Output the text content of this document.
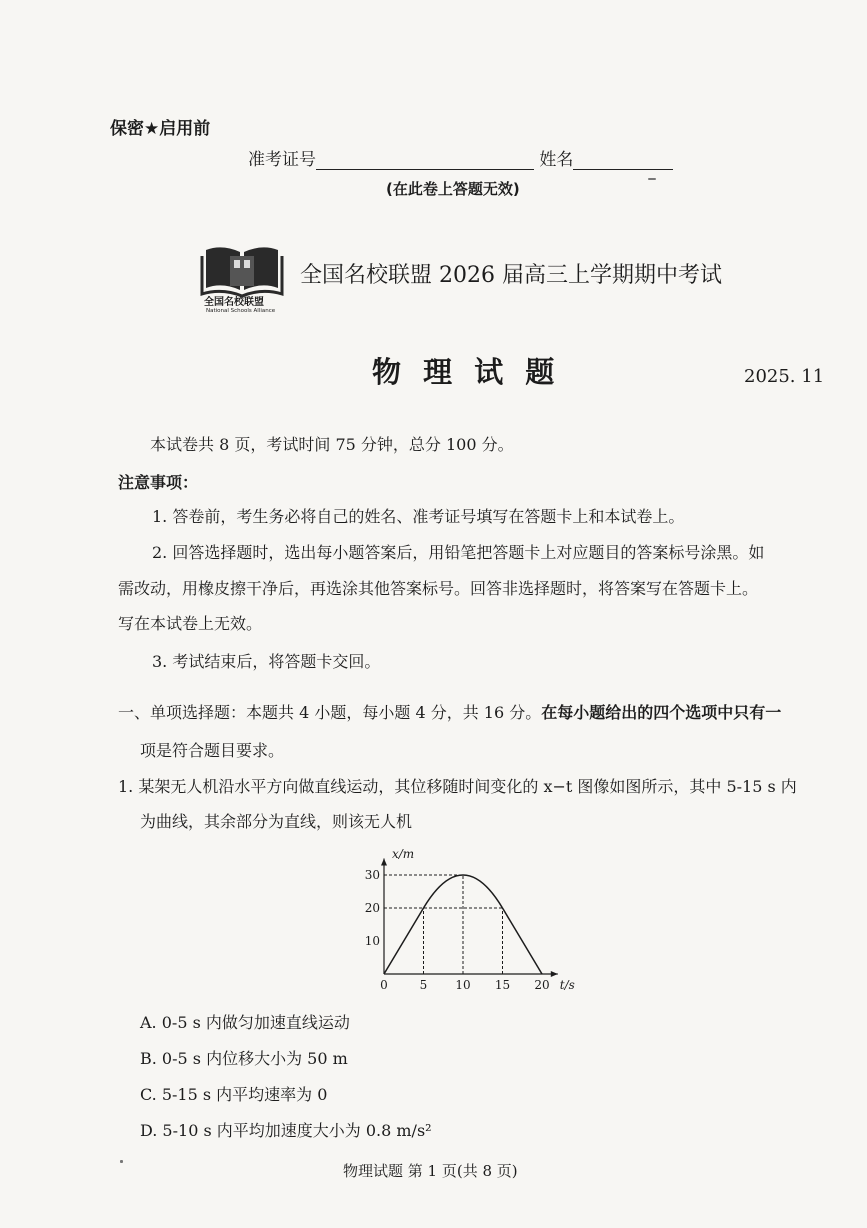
保密★启用前
准考证号	姓名
(在此卷上答题无效)
全国名校联盟
National Schools Alliance
全国名校联盟 2026 届高三上学期期中考试
物 理 试 题	2025. 11
本试卷共 8 页，考试时间 75 分钟，总分 100 分。
注意事项：
1. 答卷前，考生务必将自己的姓名、准考证号填写在答题卡上和本试卷上。
2. 回答选择题时，选出每小题答案后，用铅笔把答题卡上对应题目的答案标号涂黑。如
需改动，用橡皮擦干净后，再选涂其他答案标号。回答非选择题时，将答案写在答题卡上。
写在本试卷上无效。
3. 考试结束后，将答题卡交回。
一、单项选择题：本题共 4 小题，每小题 4 分，共 16 分。在每小题给出的四个选项中只有一
项是符合题目要求。
1. 某架无人机沿水平方向做直线运动，其位移随时间变化的 x−t 图像如图所示，其中 5-15 s 内
为曲线，其余部分为直线，则该无人机
0	5 10 15 20
10
20
30
t/s
x/m
A. 0-5 s 内做匀加速直线运动
B. 0-5 s 内位移大小为 50 m
C. 5-15 s 内平均速率为 0
D. 5-10 s 内平均加速度大小为 0.8 m/s²
物理试题 第 1 页(共 8 页)
